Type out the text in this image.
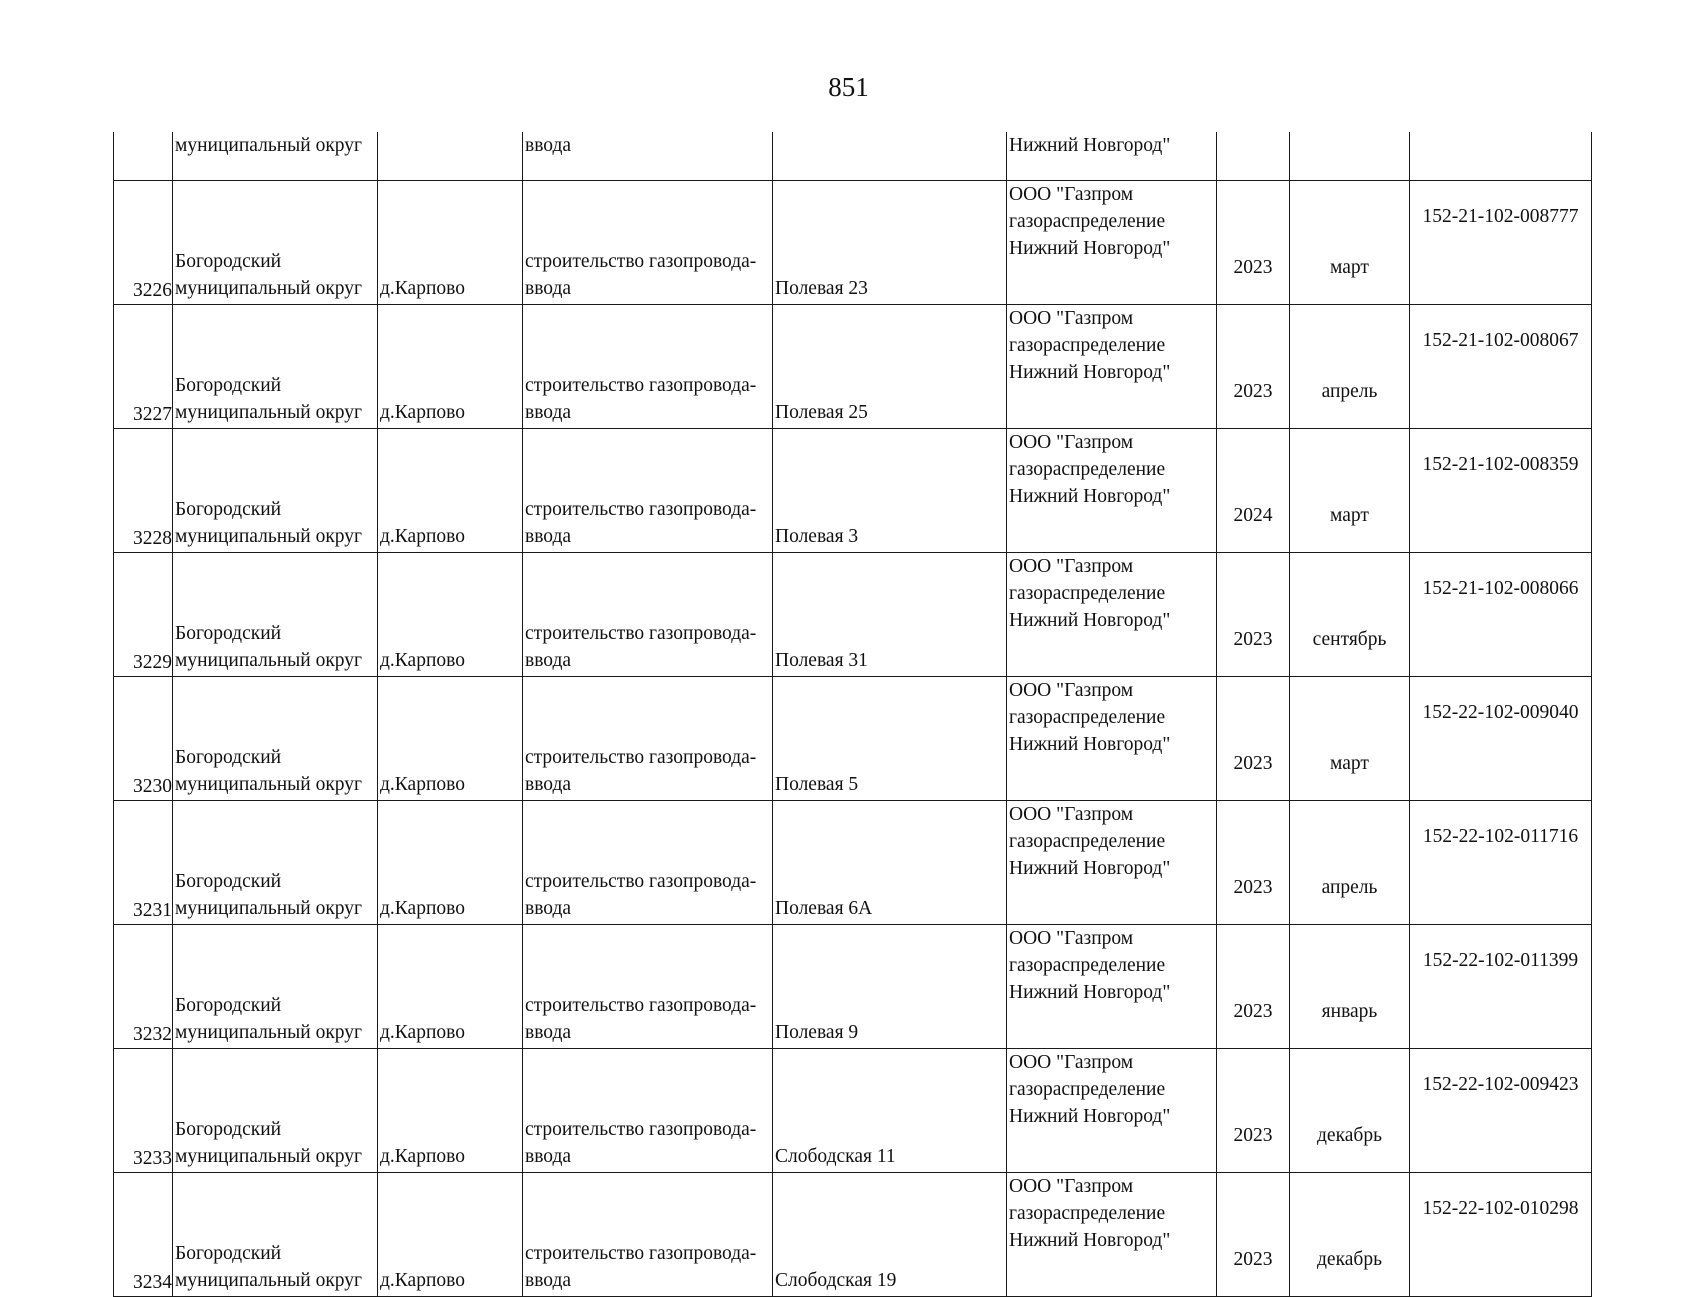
851
	муниципальный округ		ввода		Нижний Новгород"			
3226	Богородский
муниципальный округ	д.Карпово	строительство газопровода-
ввода	Полевая 23	ООО "Газпром
газораспределение
Нижний Новгород"	2023	март	152-21-102-008777
3227	Богородский
муниципальный округ	д.Карпово	строительство газопровода-
ввода	Полевая 25	ООО "Газпром
газораспределение
Нижний Новгород"	2023	апрель	152-21-102-008067
3228	Богородский
муниципальный округ	д.Карпово	строительство газопровода-
ввода	Полевая 3	ООО "Газпром
газораспределение
Нижний Новгород"	2024	март	152-21-102-008359
3229	Богородский
муниципальный округ	д.Карпово	строительство газопровода-
ввода	Полевая 31	ООО "Газпром
газораспределение
Нижний Новгород"	2023	сентябрь	152-21-102-008066
3230	Богородский
муниципальный округ	д.Карпово	строительство газопровода-
ввода	Полевая 5	ООО "Газпром
газораспределение
Нижний Новгород"	2023	март	152-22-102-009040
3231	Богородский
муниципальный округ	д.Карпово	строительство газопровода-
ввода	Полевая 6А	ООО "Газпром
газораспределение
Нижний Новгород"	2023	апрель	152-22-102-011716
3232	Богородский
муниципальный округ	д.Карпово	строительство газопровода-
ввода	Полевая 9	ООО "Газпром
газораспределение
Нижний Новгород"	2023	январь	152-22-102-011399
3233	Богородский
муниципальный округ	д.Карпово	строительство газопровода-
ввода	Слободская 11	ООО "Газпром
газораспределение
Нижний Новгород"	2023	декабрь	152-22-102-009423
3234	Богородский
муниципальный округ	д.Карпово	строительство газопровода-
ввода	Слободская 19	ООО "Газпром
газораспределение
Нижний Новгород"	2023	декабрь	152-22-102-010298
